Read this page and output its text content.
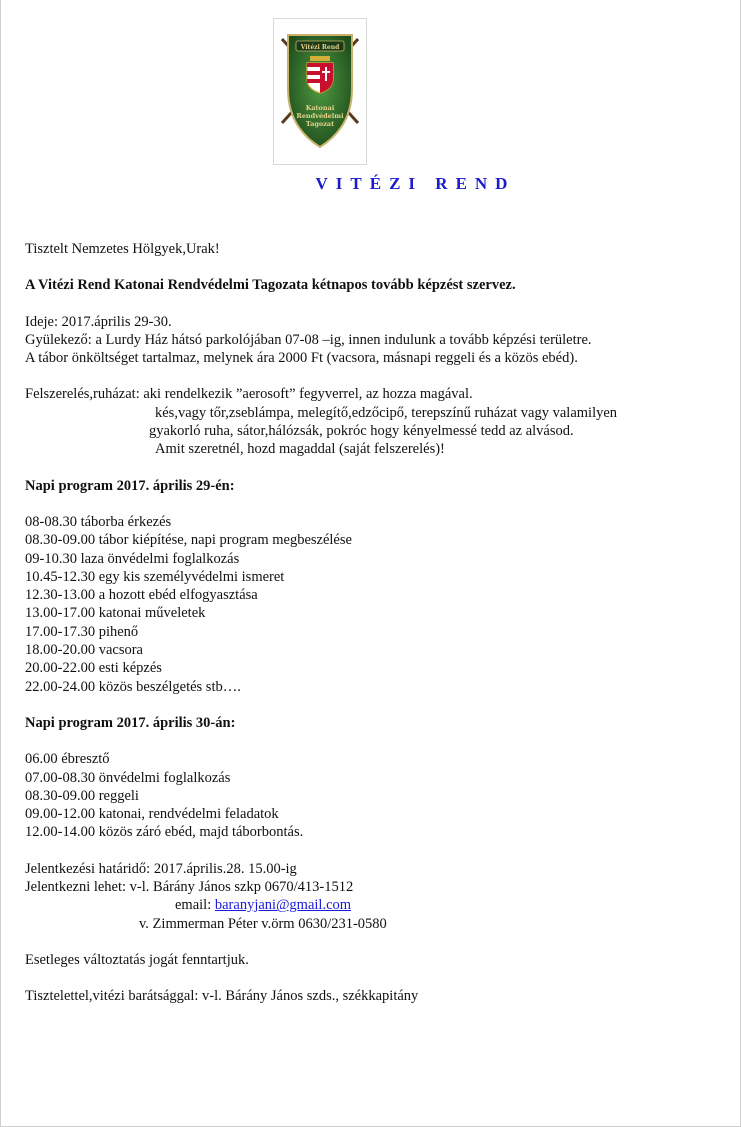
Vitézi Rend
Katonai
Rendvédelmi
Tagozat
VITÉZI REND
Tisztelt Nemzetes Hölgyek,Urak!
A Vitézi Rend Katonai Rendvédelmi Tagozata kétnapos tovább képzést szervez.
Ideje: 2017.április 29-30.
Gyülekező: a Lurdy Ház hátsó parkolójában 07-08 –ig, innen indulunk a tovább képzési területre.
A tábor önköltséget tartalmaz, melynek ára 2000 Ft (vacsora, másnapi reggeli és a közös ebéd).
Felszerelés,ruházat: aki rendelkezik ”aerosoft” fegyverrel, az hozza magával.
kés,vagy tőr,zseblámpa, melegítő,edzőcipő, terepszínű ruházat vagy valamilyen
gyakorló ruha, sátor,hálózsák, pokróc hogy kényelmessé tedd az alvásod.
Amit szeretnél, hozd magaddal (saját felszerelés)!
Napi program 2017. április 29-én:
08-08.30 táborba érkezés
08.30-09.00 tábor kiépítése, napi program megbeszélése
09-10.30 laza önvédelmi foglalkozás
10.45-12.30 egy kis személyvédelmi ismeret
12.30-13.00 a hozott ebéd elfogyasztása
13.00-17.00 katonai műveletek
17.00-17.30 pihenő
18.00-20.00 vacsora
20.00-22.00 esti képzés
22.00-24.00 közös beszélgetés stb….
Napi program 2017. április 30-án:
06.00 ébresztő
07.00-08.30 önvédelmi foglalkozás
08.30-09.00 reggeli
09.00-12.00 katonai, rendvédelmi feladatok
12.00-14.00 közös záró ebéd, majd táborbontás.
Jelentkezési határidő: 2017.április.28. 15.00-ig
Jelentkezni lehet: v-l. Bárány János szkp 0670/413-1512
email: baranyjani@gmail.com
v. Zimmerman Péter v.örm 0630/231-0580
Esetleges változtatás jogát fenntartjuk.
Tisztelettel,vitézi barátsággal: v-l. Bárány János szds., székkapitány
